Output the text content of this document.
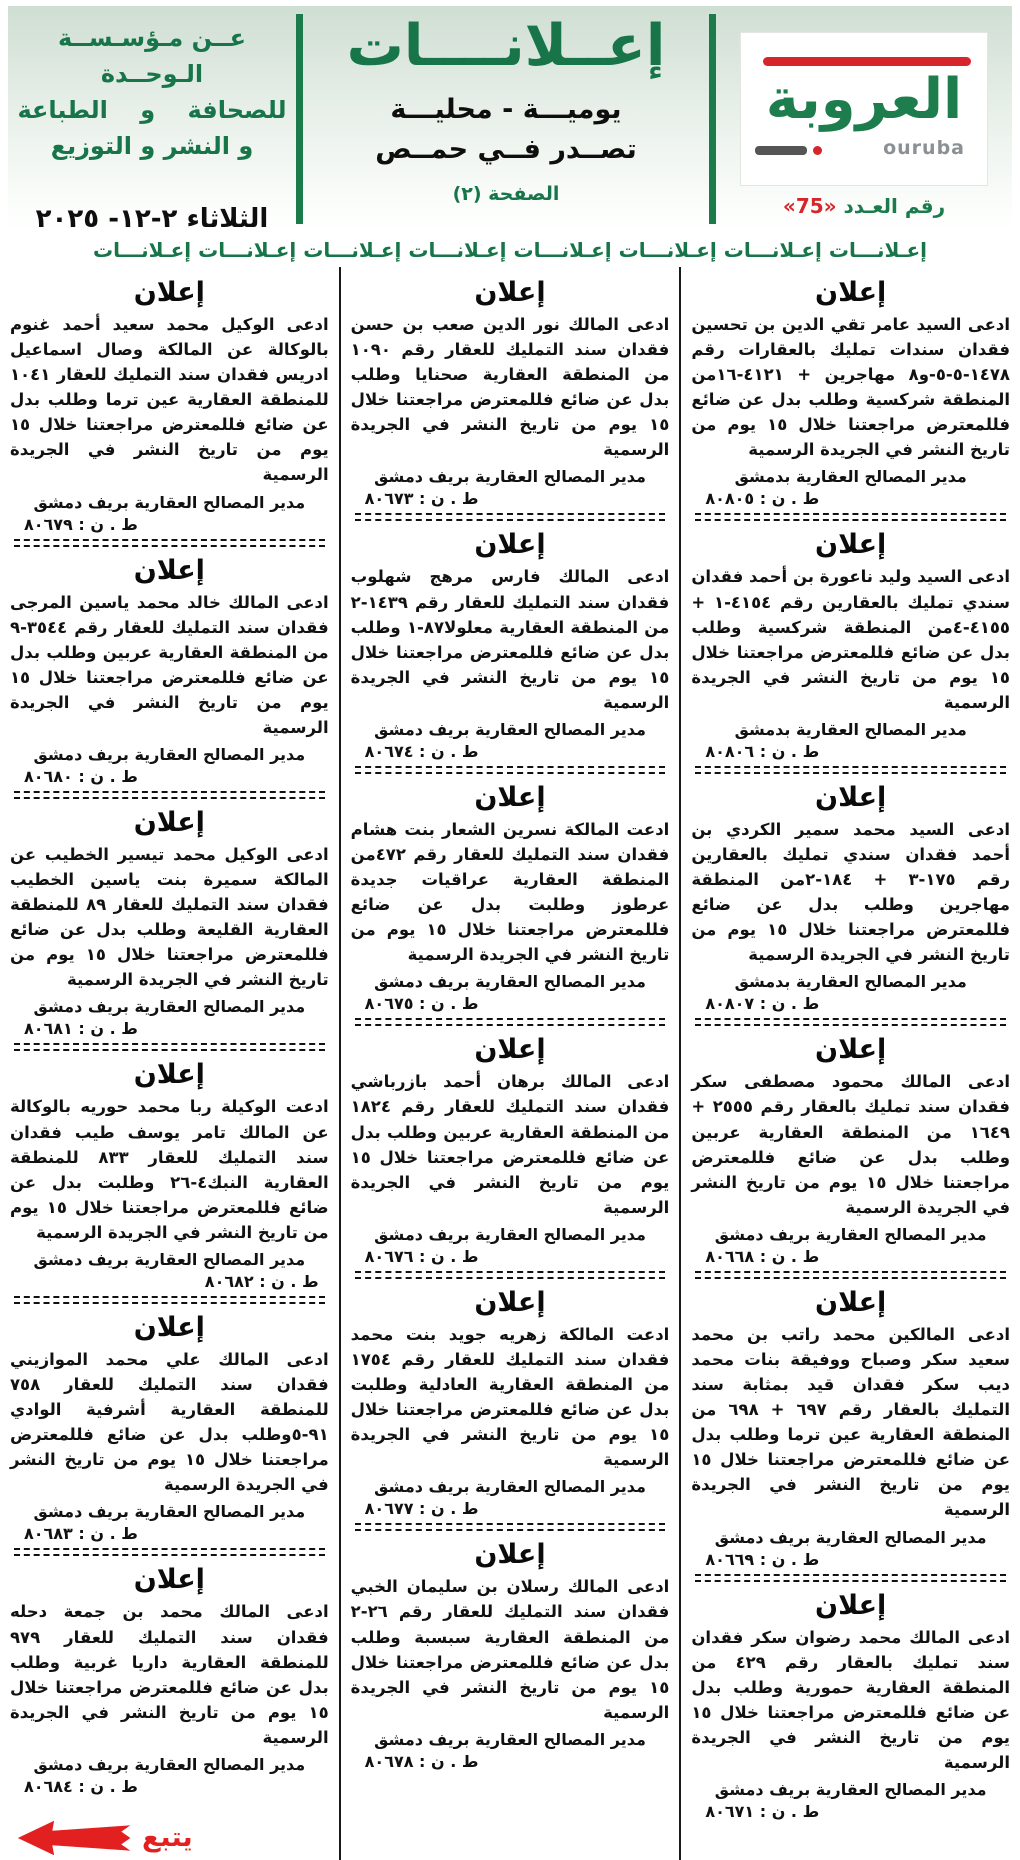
العروبة
ouruba
رقم العـدد «75»
إعــلانــــات
يوميـــة - محليـــة
تصــدر فــي حمــص
الصفحة (٢)
عــن مـؤسـســة الـوحــدة
للصحافة و الطباعة
و النشر و التوزيع
الثلاثاء ٢-١٢- ٢٠٢٥
إعـلانـــات إعـلانـــات إعـلانـــات إعـلانـــات إعـلانـــات إعـلانـــات إعـلانـــات إعـلانـــات
إعلان

ادعى السيد عامر تقي الدين بن تحسين فقدان سندات تمليك بالعقارات رقم ١٤٧٨-٥-٥-و٨ مهاجرين + ٤١٢١-١٦من المنطقة شركسية وطلب بدل عن ضائع فللمعترض مراجعتنا خلال ١٥ يوم من تاريخ النشر في الجريدة الرسمية

مدير المصالح العقارية بدمشق

ط . ن : ٨٠٨٠٥

إعلان

ادعى السيد وليد ناعورة بن أحمد فقدان سندي تمليك بالعقارين رقم ٤١٥٤-١ + ٤١٥٥-٤من المنطقة شركسية وطلب بدل عن ضائع فللمعترض مراجعتنا خلال ١٥ يوم من تاريخ النشر في الجريدة الرسمية

مدير المصالح العقارية بدمشق

ط . ن : ٨٠٨٠٦

إعلان

ادعى السيد محمد سمير الكردي بن أحمد فقدان سندي تمليك بالعقارين رقم ١٧٥-٣ + ١٨٤-٢من المنطقة مهاجرين وطلب بدل عن ضائع فللمعترض مراجعتنا خلال ١٥ يوم من تاريخ النشر في الجريدة الرسمية

مدير المصالح العقارية بدمشق

ط . ن : ٨٠٨٠٧

إعلان

ادعى المالك محمود مصطفى سكر فقدان سند تمليك بالعقار رقم ٢٥٥٥ + ١٦٤٩ من المنطقة العقارية عربين وطلب بدل عن ضائع فللمعترض مراجعتنا خلال ١٥ يوم من تاريخ النشر في الجريدة الرسمية

مدير المصالح العقارية بريف دمشق

ط . ن : ٨٠٦٦٨

إعلان

ادعى المالكين محمد راتب بن محمد سعيد سكر وصباح ووفيقة بنات محمد ديب سكر فقدان قيد بمثابة سند التمليك بالعقار رقم ٦٩٧ + ٦٩٨ من المنطقة العقارية عين ترما وطلب بدل عن ضائع فللمعترض مراجعتنا خلال ١٥ يوم من تاريخ النشر في الجريدة الرسمية

مدير المصالح العقارية بريف دمشق

ط . ن : ٨٠٦٦٩

إعلان

ادعى المالك محمد رضوان سكر فقدان سند تمليك بالعقار رقم ٤٢٩ من المنطقة العقارية حمورية وطلب بدل عن ضائع فللمعترض مراجعتنا خلال ١٥ يوم من تاريخ النشر في الجريدة الرسمية

مدير المصالح العقارية بريف دمشق

ط . ن : ٨٠٦٧١

إعلان

ادعى المالك نور الدين صعب بن حسن فقدان سند التمليك للعقار رقم ١٠٩٠ من المنطقة العقارية صحنايا وطلب بدل عن ضائع فللمعترض مراجعتنا خلال ١٥ يوم من تاريخ النشر في الجريدة الرسمية

مدير المصالح العقارية بريف دمشق

ط . ن : ٨٠٦٧٣

إعلان

ادعى المالك فارس مرهج شهلوب فقدان سند التمليك للعقار رقم ١٤٣٩-٢ من المنطقة العقارية معلولا٨٧-١ وطلب بدل عن ضائع فللمعترض مراجعتنا خلال ١٥ يوم من تاريخ النشر في الجريدة الرسمية

مدير المصالح العقارية بريف دمشق

ط . ن : ٨٠٦٧٤

إعلان

ادعت المالكة نسرين الشعار بنت هشام فقدان سند التمليك للعقار رقم ٤٧٢من المنطقة العقارية عراقيات جديدة عرطوز وطلبت بدل عن ضائع فللمعترض مراجعتنا خلال ١٥ يوم من تاريخ النشر في الجريدة الرسمية

مدير المصالح العقارية بريف دمشق

ط . ن : ٨٠٦٧٥

إعلان

ادعى المالك برهان أحمد بازرباشي فقدان سند التمليك للعقار رقم ١٨٢٤ من المنطقة العقارية عربين وطلب بدل عن ضائع فللمعترض مراجعتنا خلال ١٥ يوم من تاريخ النشر في الجريدة الرسمية

مدير المصالح العقارية بريف دمشق

ط . ن : ٨٠٦٧٦

إعلان

ادعت المالكة زهريه جويد بنت محمد فقدان سند التمليك للعقار رقم ١٧٥٤ من المنطقة العقارية العادلية وطلبت بدل عن ضائع فللمعترض مراجعتنا خلال ١٥ يوم من تاريخ النشر في الجريدة الرسمية

مدير المصالح العقارية بريف دمشق

ط . ن : ٨٠٦٧٧

إعلان

ادعى المالك رسلان بن سليمان الخبي فقدان سند التمليك للعقار رقم ٢٦-٢ من المنطقة العقارية سبسبة وطلب بدل عن ضائع فللمعترض مراجعتنا خلال ١٥ يوم من تاريخ النشر في الجريدة الرسمية

مدير المصالح العقارية بريف دمشق

ط . ن : ٨٠٦٧٨

إعلان

ادعى الوكيل محمد سعيد أحمد غنوم بالوكالة عن المالكة وصال اسماعيل ادريس فقدان سند التمليك للعقار ١٠٤١ للمنطقة العقارية عين ترما وطلب بدل عن ضائع فللمعترض مراجعتنا خلال ١٥ يوم من تاريخ النشر في الجريدة الرسمية

مدير المصالح العقارية بريف دمشق

ط . ن : ٨٠٦٧٩

إعلان

ادعى المالك خالد محمد ياسين المرجى فقدان سند التمليك للعقار رقم ٣٥٤٤-٩ من المنطقة العقارية عربين وطلب بدل عن ضائع فللمعترض مراجعتنا خلال ١٥ يوم من تاريخ النشر في الجريدة الرسمية

مدير المصالح العقارية بريف دمشق

ط . ن : ٨٠٦٨٠

إعلان

ادعى الوكيل محمد تيسير الخطيب عن المالكة سميرة بنت ياسين الخطيب فقدان سند التمليك للعقار ٨٩ للمنطقة العقارية القليعة وطلب بدل عن ضائع فللمعترض مراجعتنا خلال ١٥ يوم من تاريخ النشر في الجريدة الرسمية

مدير المصالح العقارية بريف دمشق

ط . ن : ٨٠٦٨١

إعلان

ادعت الوكيلة ربا محمد حوريه بالوكالة عن المالك تامر يوسف طيب فقدان سند التمليك للعقار ٨٣٣ للمنطقة العقارية النبك٤-٢٦ وطلبت بدل عن ضائع فللمعترض مراجعتنا خلال ١٥ يوم من تاريخ النشر في الجريدة الرسمية

مدير المصالح العقارية بريف دمشق

ط . ن : ٨٠٦٨٢

إعلان

ادعى المالك علي محمد الموازيني فقدان سند التمليك للعقار ٧٥٨ للمنطقة العقارية أشرفية الوادي ٩١-٥وطلب بدل عن ضائع فللمعترض مراجعتنا خلال ١٥ يوم من تاريخ النشر في الجريدة الرسمية

مدير المصالح العقارية بريف دمشق

ط . ن : ٨٠٦٨٣

إعلان

ادعى المالك محمد بن جمعة دحله فقدان سند التمليك للعقار ٩٧٩ للمنطقة العقارية داريا غربية وطلب بدل عن ضائع فللمعترض مراجعتنا خلال ١٥ يوم من تاريخ النشر في الجريدة الرسمية

مدير المصالح العقارية بريف دمشق

ط . ن : ٨٠٦٨٤

يتبع
